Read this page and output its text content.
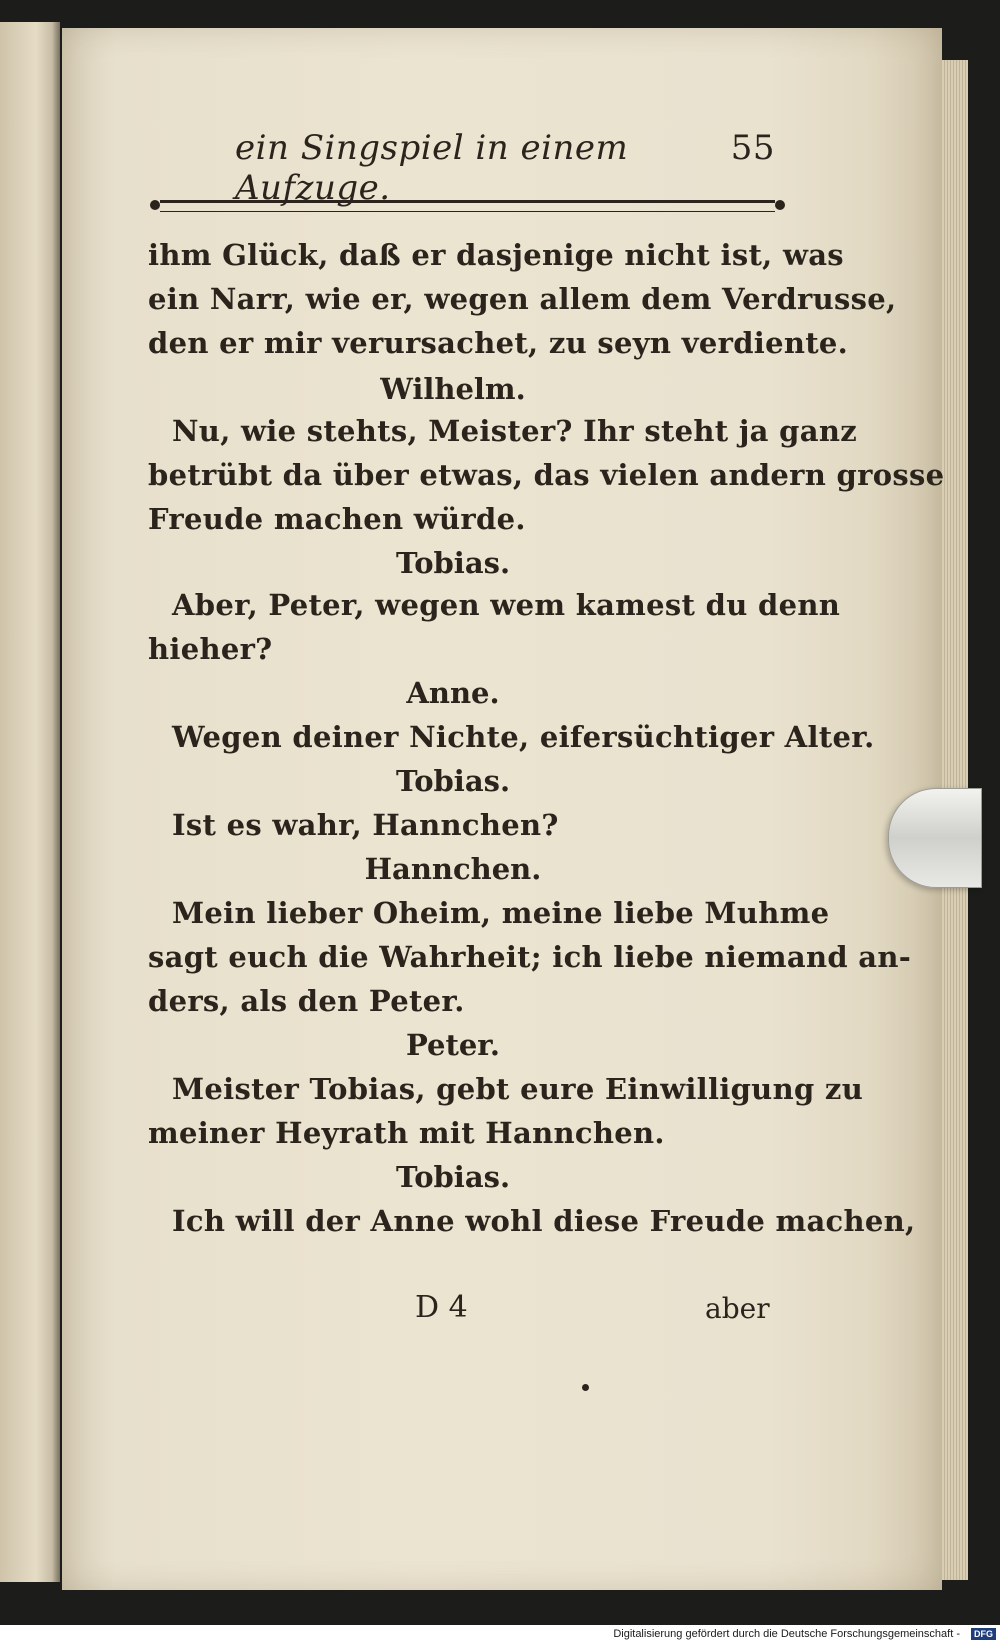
ein Singspiel in einem Aufzuge.
55
ihm Glück, daß er dasjenige nicht ist, was
ein Narr, wie er, wegen allem dem Verdrusse,
den er mir verursachet, zu seyn verdiente.
Wilhelm.
Nu, wie stehts, Meister? Ihr steht ja ganz
betrübt da über etwas, das vielen andern grosse
Freude machen würde.
Tobias.
Aber, Peter, wegen wem kamest du denn
hieher?
Anne.
Wegen deiner Nichte, eifersüchtiger Alter.
Tobias.
Ist es wahr, Hannchen?
Hannchen.
Mein lieber Oheim, meine liebe Muhme
sagt euch die Wahrheit; ich liebe niemand an-
ders, als den Peter.
Peter.
Meister Tobias, gebt eure Einwilligung zu
meiner Heyrath mit Hannchen.
Tobias.
Ich will der Anne wohl diese Freude machen,
D 4	aber
Digitalisierung gefördert durch die Deutsche Forschungsgemeinschaft -	DFG
